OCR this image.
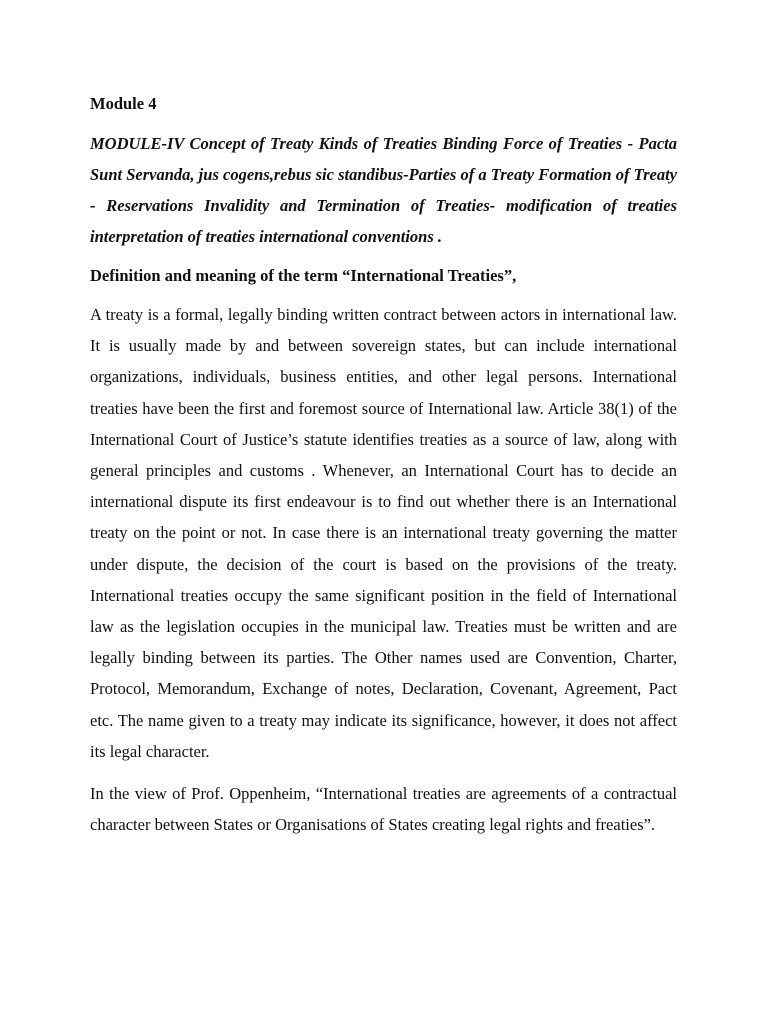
Module 4

MODULE-IV Concept of Treaty Kinds of Treaties Binding Force of Treaties - Pacta Sunt Servanda, jus cogens,rebus sic standibus-Parties of a Treaty Formation of Treaty - Reservations Invalidity and Termination of Treaties- modification of treaties interpretation of treaties international conventions .

Definition and meaning of the term “International Treaties”,

A treaty is a formal, legally binding written contract between actors in international law. It is usually made by and between sovereign states, but can include international organizations, individuals, business entities, and other legal persons. International treaties have been the first and foremost source of International law. Article 38(1) of the International Court of Justice’s statute identifies treaties as a source of law, along with general principles and customs . Whenever, an International Court has to decide an international dispute its first endeavour is to find out whether there is an International treaty on the point or not. In case there is an international treaty governing the matter under dispute, the decision of the court is based on the provisions of the treaty. International treaties occupy the same significant position in the field of International law as the legislation occupies in the municipal law. Treaties must be written and are legally binding between its parties. The Other names used are Convention, Charter, Protocol, Memorandum, Exchange of notes, Declaration, Covenant, Agreement, Pact etc. The name given to a treaty may indicate its significance, however, it does not affect its legal character.

In the view of Prof. Oppenheim, “International treaties are agreements of a contractual character between States or Organisations of States creating legal rights and freaties”.
